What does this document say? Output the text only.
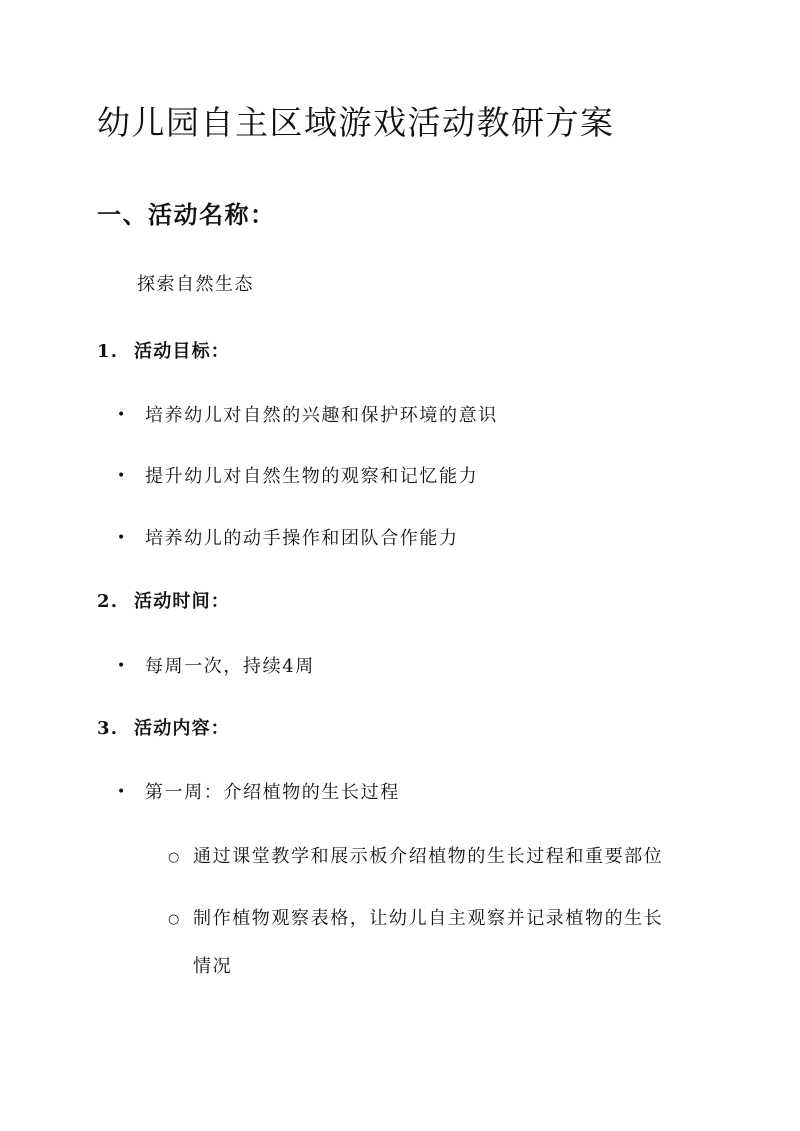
幼儿园自主区域游戏活动教研方案
一、活动名称：
探索自然生态
1. 活动目标：
• 培养幼儿对自然的兴趣和保护环境的意识
• 提升幼儿对自然生物的观察和记忆能力
• 培养幼儿的动手操作和团队合作能力
2. 活动时间：
• 每周一次，持续4周
3. 活动内容：
• 第一周：介绍植物的生长过程
○ 通过课堂教学和展示板介绍植物的生长过程和重要部位
○ 制作植物观察表格，让幼儿自主观察并记录植物的生长
情况
